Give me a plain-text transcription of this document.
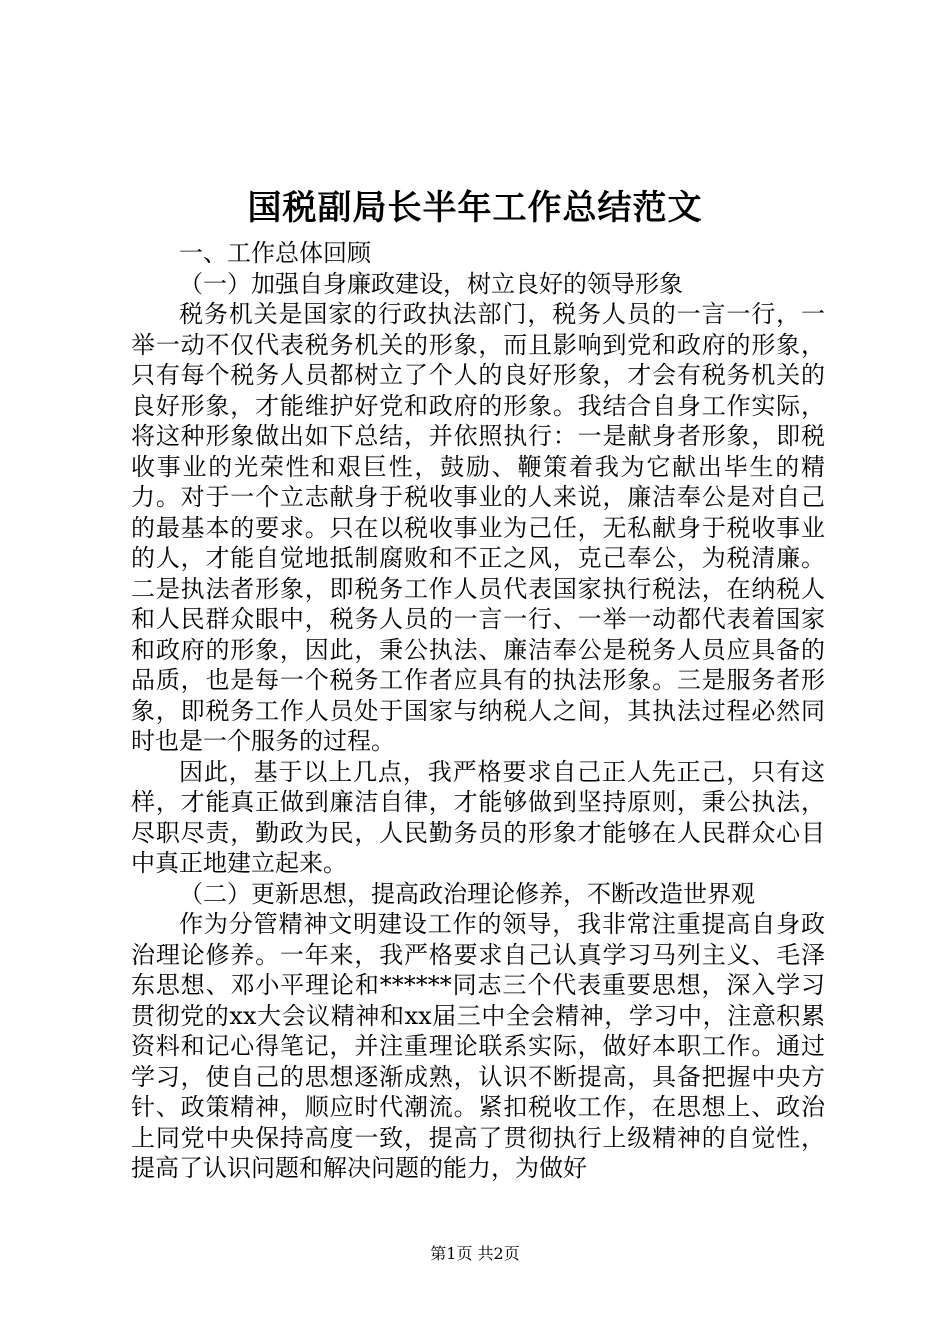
国税副局长半年工作总结范文

一、工作总体回顾

（一）加强自身廉政建设，树立良好的领导形象

税务机关是国家的行政执法部门，税务人员的一言一行，一举一动不仅代表税务机关的形象，而且影响到党和政府的形象，只有每个税务人员都树立了个人的良好形象，才会有税务机关的良好形象，才能维护好党和政府的形象。我结合自身工作实际，将这种形象做出如下总结，并依照执行：一是献身者形象，即税收事业的光荣性和艰巨性，鼓励、鞭策着我为它献出毕生的精力。对于一个立志献身于税收事业的人来说，廉洁奉公是对自己的最基本的要求。只在以税收事业为己任，无私献身于税收事业的人，才能自觉地抵制腐败和不正之风，克己奉公，为税清廉。二是执法者形象，即税务工作人员代表国家执行税法，在纳税人和人民群众眼中，税务人员的一言一行、一举一动都代表着国家和政府的形象，因此，秉公执法、廉洁奉公是税务人员应具备的品质，也是每一个税务工作者应具有的执法形象。三是服务者形象，即税务工作人员处于国家与纳税人之间，其执法过程必然同时也是一个服务的过程。

因此，基于以上几点，我严格要求自己正人先正己，只有这样，才能真正做到廉洁自律，才能够做到坚持原则，秉公执法，尽职尽责，勤政为民，人民勤务员的形象才能够在人民群众心目中真正地建立起来。

（二）更新思想，提高政治理论修养，不断改造世界观

作为分管精神文明建设工作的领导，我非常注重提高自身政治理论修养。一年来，我严格要求自己认真学习马列主义、毛泽东思想、邓小平理论和******同志三个代表重要思想，深入学习贯彻党的xx大会议精神和xx届三中全会精神，学习中，注意积累资料和记心得笔记，并注重理论联系实际，做好本职工作。通过学习，使自己的思想逐渐成熟，认识不断提高，具备把握中央方针、政策精神，顺应时代潮流。紧扣税收工作，在思想上、政治上同党中央保持高度一致，提高了贯彻执行上级精神的自觉性，提高了认识问题和解决问题的能力，为做好

第1页 共2页
